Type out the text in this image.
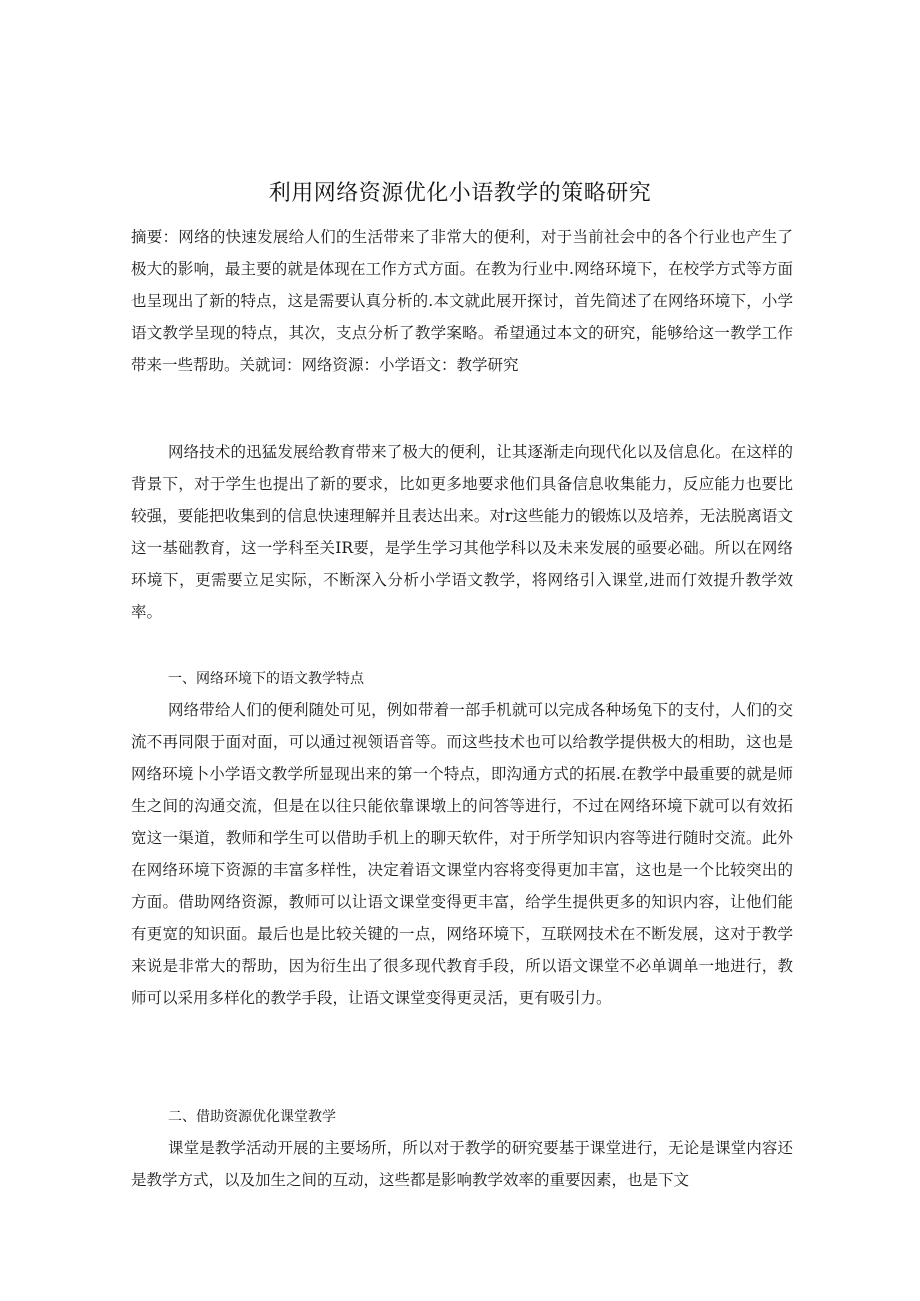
利用网络资源优化小语教学的策略研究
摘要：网络的快速发展给人们的生活带来了非常大的便利，对于当前社会中的各个行业也产生了极大的影响，最主要的就是体现在工作方式方面。在教为行业中.网络环境下，在校学方式等方面也呈现出了新的特点，这是需要认真分析的.本文就此展开探讨，首先简述了在网络环境下，小学语文教学呈现的特点，其次，支点分析了教学案略。希望通过本文的研究，能够给这一教学工作带来一些帮助。关就词：网络资源：小学语文：教学研究
网络技术的迅猛发展给教育带来了极大的便利，让其逐渐走向现代化以及信息化。在这样的背景下，对于学生也提出了新的要求，比如更多地要求他们具备信息收集能力，反应能力也要比较强，要能把收集到的信息快速理解并且表达出来。对r这些能力的锻炼以及培养，无法脱离语文这一基础教育，这一学科至关IR要，是学生学习其他学科以及未来发展的亟要必础。所以在网络环境下，更需要立足实际，不断深入分析小学语文教学，将网络引入课堂,进而仃效提升教学效率。
一、网络环境下的语文教学特点
网络带给人们的便利随处可见，例如带着一部手机就可以完成各种场兔下的支付，人们的交流不再同限于面对面，可以通过视领语音等。而这些技术也可以给教学提供极大的相助，这也是网络环境卜小学语文教学所显现出来的第一个特点，即沟通方式的拓展.在教学中最重要的就是师生之间的沟通交流，但是在以往只能依靠课墩上的问答等进行，不过在网络环境下就可以有效拓宽这一渠道，教师和学生可以借助手机上的聊天软件，对于所学知识内容等进行随时交流。此外在网络环境下资源的丰富多样性，决定着语文课堂内容将变得更加丰富，这也是一个比较突出的方面。借助网络资源，教师可以让语文课堂变得更丰富，给学生提供更多的知识内容，让他们能有更宽的知识面。最后也是比较关键的一点，网络环境下，互联网技术在不断发展，这对于教学来说是非常大的帮助，因为衍生出了很多现代教育手段，所以语文课堂不必单调单一地进行，教师可以采用多样化的教学手段，让语文课堂变得更灵活，更有吸引力。
二、借助资源优化课堂教学
课堂是教学活动开展的主要场所，所以对于教学的研究要基于课堂进行，无论是课堂内容还是教学方式，以及加生之间的互动，这些都是影响教学效率的重要因素，也是下文
